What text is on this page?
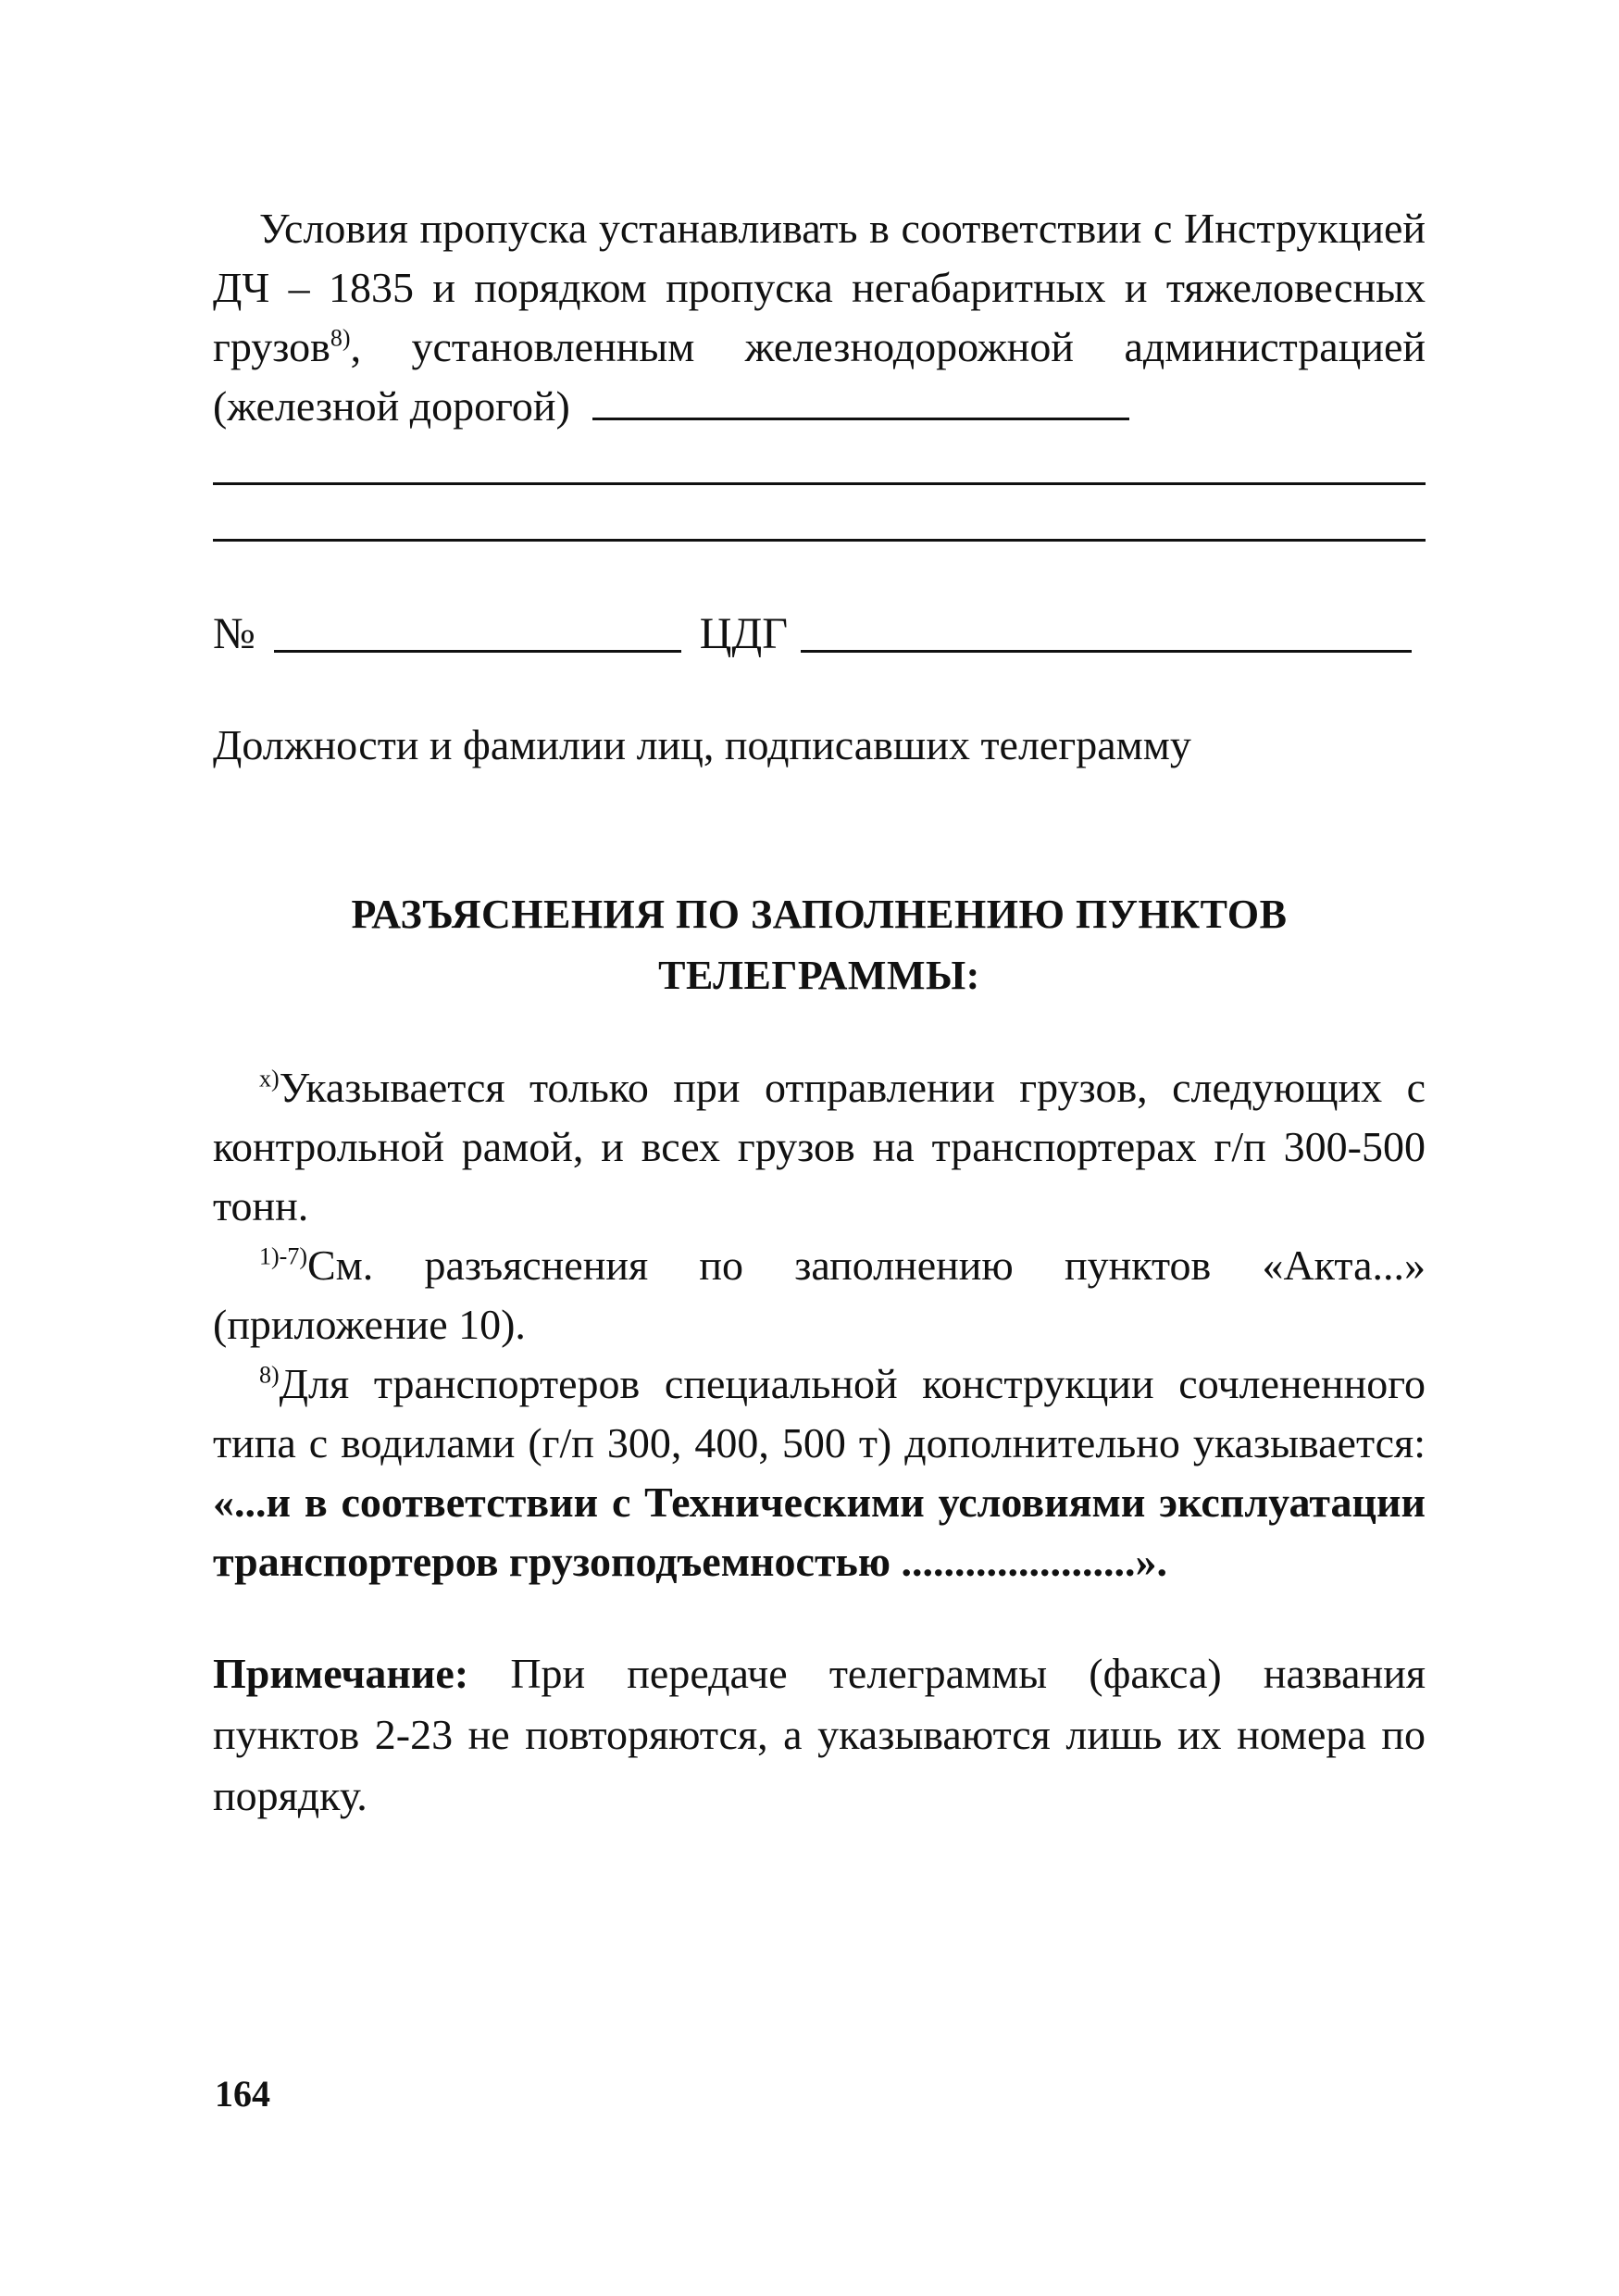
Условия пропуска устанавливать в соответствии с Инструкцией ДЧ – 1835 и порядком пропуска негабаритных и тяжеловесных грузов$^{8)}$, установленным железнодорожной администрацией (железной дорогой)

№	ЦДГ
Должности и фамилии лиц, подписавших телеграмму
РАЗЪЯСНЕНИЯ ПО ЗАПОЛНЕНИЮ ПУНКТОВ
ТЕЛЕГРАММЫ:

$^{x)}$Указывается только при отправлении грузов, следующих с контрольной рамой, и всех грузов на транспортерах г/п 300-500 тонн.

$^{1)-7)}$См. разъяснения по заполнению пунктов «Акта...» (приложение 10).

$^{8)}$Для транспортеров специальной конструкции сочлененного типа с водилами (г/п 300, 400, 500 т) дополнительно указывается: «...и в соответствии с Техническими условиями эксплуатации транспортеров грузоподъемностью ......................».

Примечание: При передаче телеграммы (факса) названия пунктов 2-23 не повторяются, а указываются лишь их номера по порядку.

164
